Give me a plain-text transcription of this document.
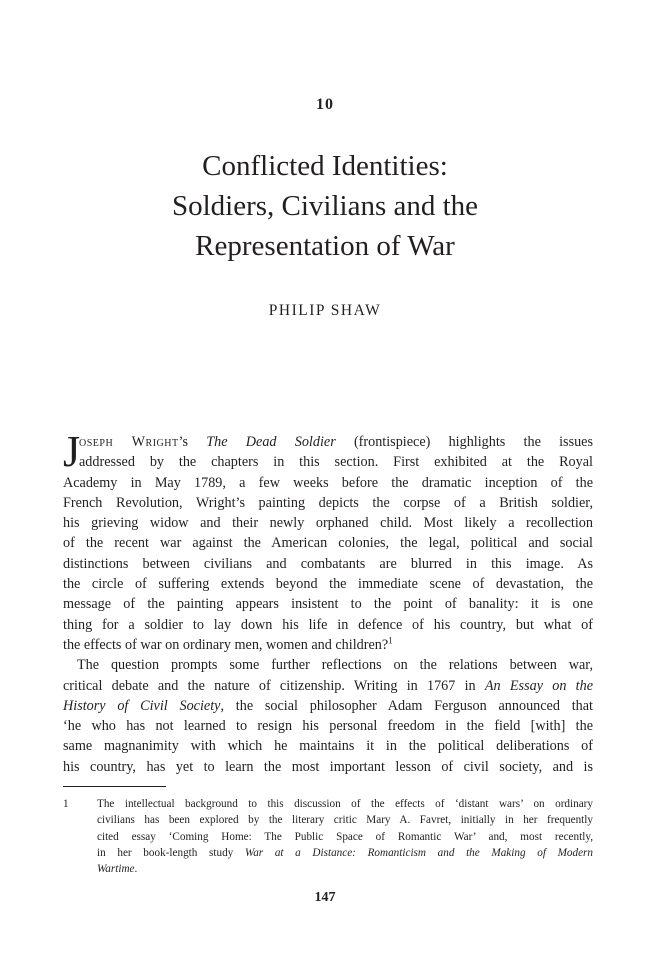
10
Conflicted Identities:
Soldiers, Civilians and the
Representation of War
PHILIP SHAW
J
oseph Wright’s The Dead Soldier (frontispiece) highlights the issues
addressed by the chapters in this section. First exhibited at the Royal
Academy in May 1789, a few weeks before the dramatic inception of the
French Revolution, Wright’s painting depicts the corpse of a British soldier,
his grieving widow and their newly orphaned child. Most likely a recollection
of the recent war against the American colonies, the legal, political and social
distinctions between civilians and combatants are blurred in this image. As
the circle of suffering extends beyond the immediate scene of devastation, the
message of the painting appears insistent to the point of banality: it is one
thing for a soldier to lay down his life in defence of his country, but what of
the effects of war on ordinary men, women and children?$^1$
The question prompts some further reflections on the relations between war,
critical debate and the nature of citizenship. Writing in 1767 in An Essay on the
History of Civil Society, the social philosopher Adam Ferguson announced that
‘he who has not learned to resign his personal freedom in the field [with] the
same magnanimity with which he maintains it in the political deliberations of
his country, has yet to learn the most important lesson of civil society, and is
1	The intellectual background to this discussion of the effects of ‘distant wars’ on ordinary
civilians has been explored by the literary critic Mary A. Favret, initially in her frequently
cited essay ‘Coming Home: The Public Space of Romantic War’ and, most recently,
in her book-length study War at a Distance: Romanticism and the Making of Modern
Wartime.
147
